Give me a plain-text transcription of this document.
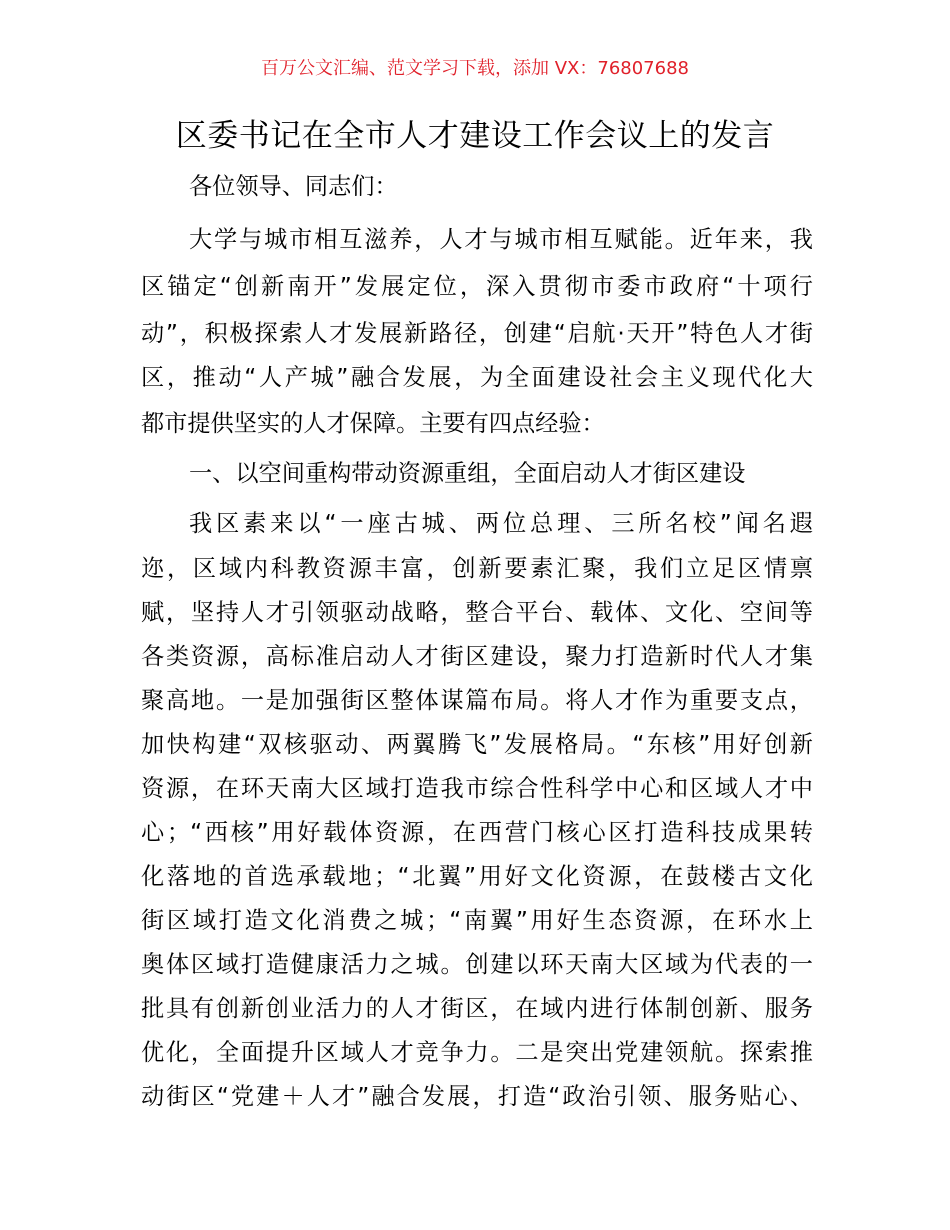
百万公文汇编、范文学习下载，添加 VX：76807688
区委书记在全市人才建设工作会议上的发言
各位领导、同志们：
大学与城市相互滋养，人才与城市相互赋能。近年来，我
区锚定“创新南开”发展定位，深入贯彻市委市政府“十项行
动”，积极探索人才发展新路径，创建“启航·天开”特色人才街
区，推动“人产城”融合发展，为全面建设社会主义现代化大
都市提供坚实的人才保障。主要有四点经验：
一、以空间重构带动资源重组，全面启动人才街区建设
我区素来以“一座古城、两位总理、三所名校”闻名遐
迩，区域内科教资源丰富，创新要素汇聚，我们立足区情禀
赋，坚持人才引领驱动战略，整合平台、载体、文化、空间等
各类资源，高标准启动人才街区建设，聚力打造新时代人才集
聚高地。一是加强街区整体谋篇布局。将人才作为重要支点，
加快构建“双核驱动、两翼腾飞”发展格局。“东核”用好创新
资源，在环天南大区域打造我市综合性科学中心和区域人才中
心；“西核”用好载体资源，在西营门核心区打造科技成果转
化落地的首选承载地；“北翼”用好文化资源，在鼓楼古文化
街区域打造文化消费之城；“南翼”用好生态资源，在环水上
奥体区域打造健康活力之城。创建以环天南大区域为代表的一
批具有创新创业活力的人才街区，在域内进行体制创新、服务
优化，全面提升区域人才竞争力。二是突出党建领航。探索推
动街区“党建＋人才”融合发展，打造“政治引领、服务贴心、
